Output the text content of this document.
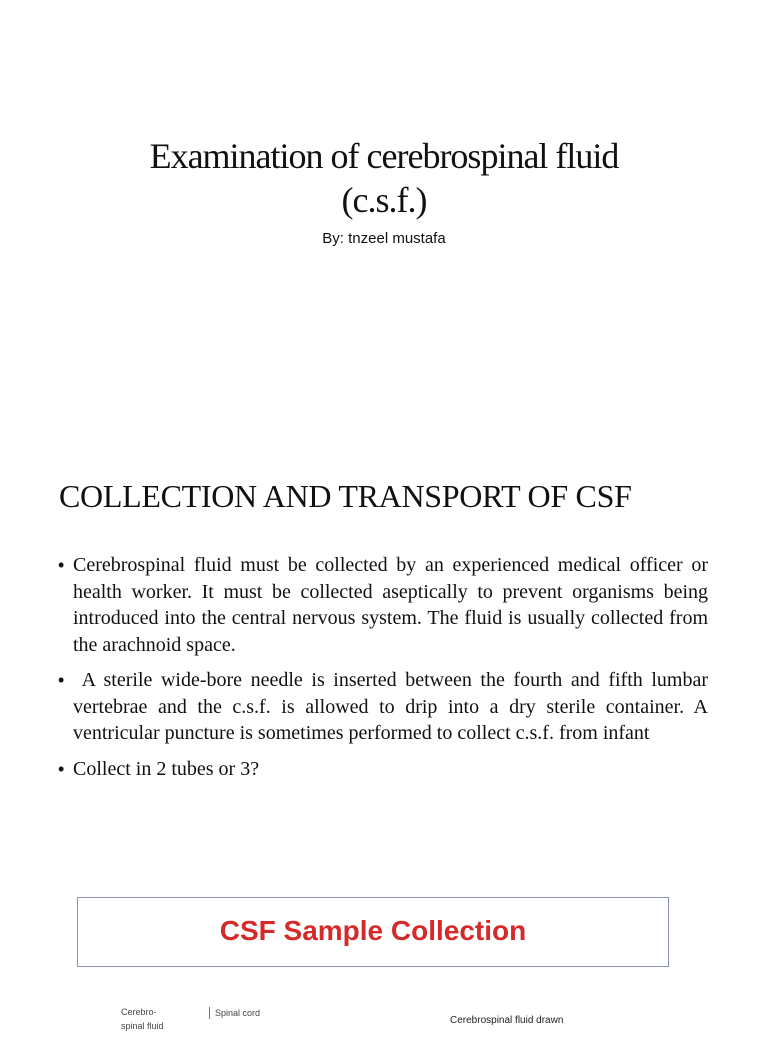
Examination of cerebrospinal fluid
(c.s.f.)
By: tnzeel mustafa
COLLECTION AND TRANSPORT OF CSF
• Cerebrospinal fluid must be collected by an experienced medical officer or health worker. It must be collected aseptically to prevent organisms being introduced into the central nervous system. The fluid is usually collected from the arachnoid space.
• A sterile wide-bore needle is inserted between the fourth and fifth lumbar vertebrae and the c.s.f. is allowed to drip into a dry sterile container. A ventricular puncture is sometimes performed to collect c.s.f. from infant
• Collect in 2 tubes or 3?
CSF Sample Collection
Cerebro-
spinal fluid
Spinal cord
Cerebrospinal fluid drawn
